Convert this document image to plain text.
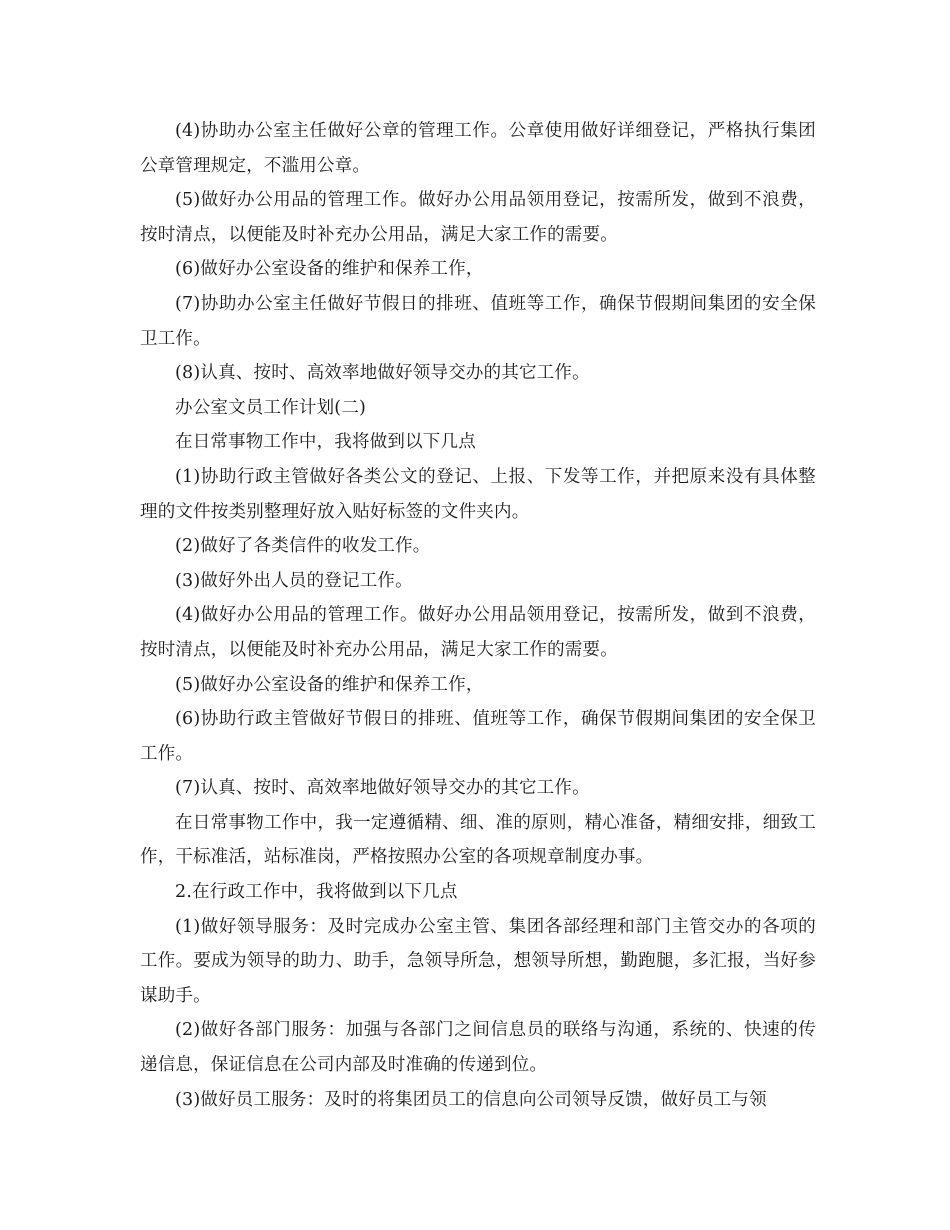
(4)协助办公室主任做好公章的管理工作。公章使用做好详细登记，严格执行集团公章管理规定，不滥用公章。

(5)做好办公用品的管理工作。做好办公用品领用登记，按需所发，做到不浪费，按时清点，以便能及时补充办公用品，满足大家工作的需要。

(6)做好办公室设备的维护和保养工作，

(7)协助办公室主任做好节假日的排班、值班等工作，确保节假期间集团的安全保卫工作。

(8)认真、按时、高效率地做好领导交办的其它工作。

办公室文员工作计划(二)

在日常事物工作中，我将做到以下几点

(1)协助行政主管做好各类公文的登记、上报、下发等工作，并把原来没有具体整理的文件按类别整理好放入贴好标签的文件夹内。

(2)做好了各类信件的收发工作。

(3)做好外出人员的登记工作。

(4)做好办公用品的管理工作。做好办公用品领用登记，按需所发，做到不浪费，按时清点，以便能及时补充办公用品，满足大家工作的需要。

(5)做好办公室设备的维护和保养工作，

(6)协助行政主管做好节假日的排班、值班等工作，确保节假期间集团的安全保卫工作。

(7)认真、按时、高效率地做好领导交办的其它工作。

在日常事物工作中，我一定遵循精、细、准的原则，精心准备，精细安排，细致工作，干标准活，站标准岗，严格按照办公室的各项规章制度办事。

2.在行政工作中，我将做到以下几点

(1)做好领导服务：及时完成办公室主管、集团各部经理和部门主管交办的各项的工作。要成为领导的助力、助手，急领导所急，想领导所想，勤跑腿，多汇报，当好参谋助手。

(2)做好各部门服务：加强与各部门之间信息员的联络与沟通，系统的、快速的传递信息，保证信息在公司内部及时准确的传递到位。

(3)做好员工服务：及时的将集团员工的信息向公司领导反馈，做好员工与领
